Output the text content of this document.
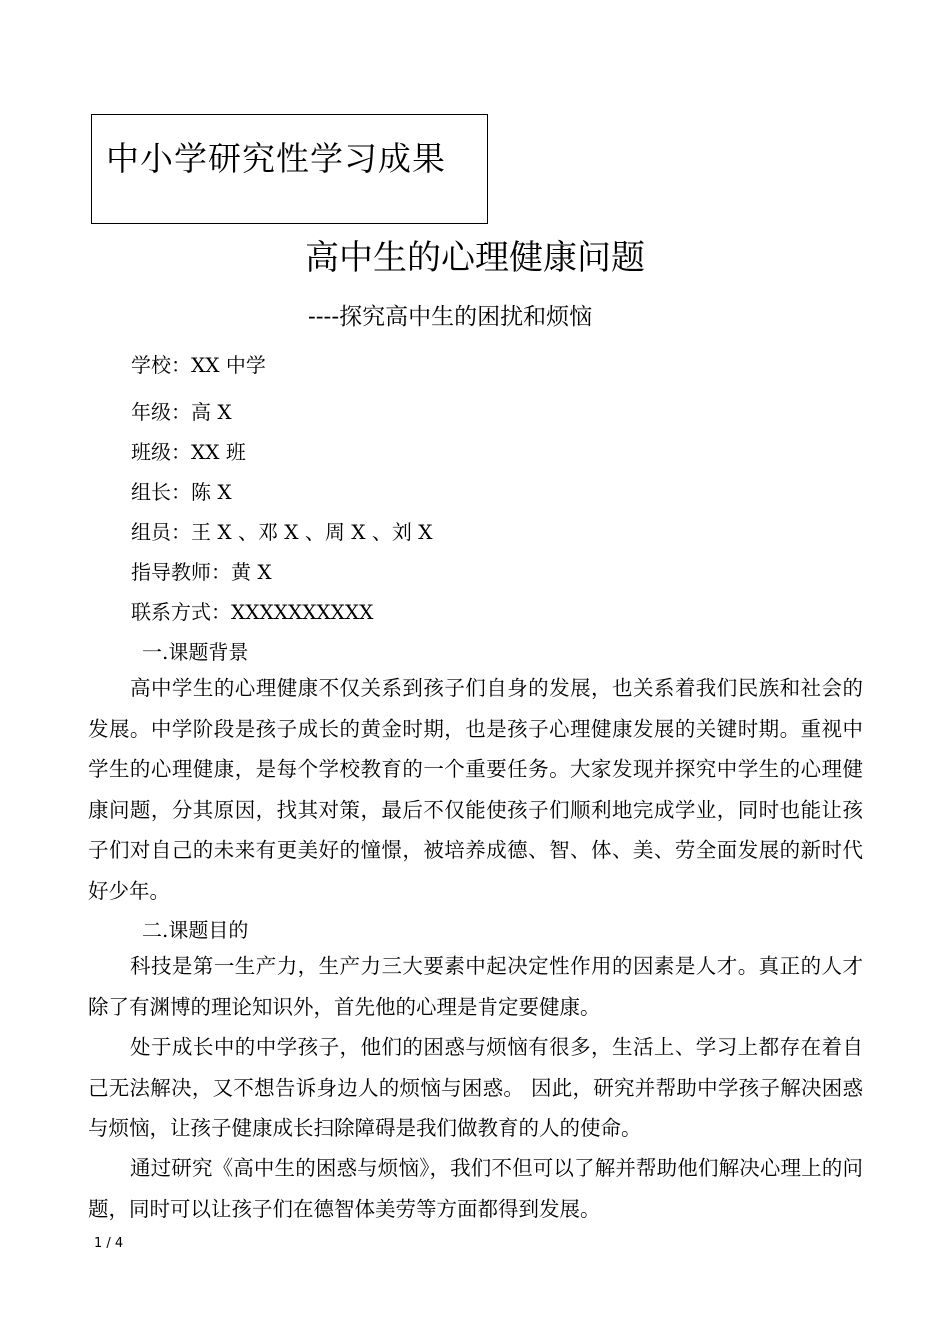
中小学研究性学习成果
高中生的心理健康问题
----探究高中生的困扰和烦恼
学校：XX 中学
年级：高 X
班级：XX 班
组长：陈 X
组员：王 X 、邓 X 、周 X 、刘 X
指导教师：黄 X
联系方式：XXXXXXXXXX
一.课题背景

高中学生的心理健康不仅关系到孩子们自身的发展，也关系着我们民族和社会的发展。中学阶段是孩子成长的黄金时期，也是孩子心理健康发展的关键时期。重视中学生的心理健康，是每个学校教育的一个重要任务。大家发现并探究中学生的心理健康问题，分其原因，找其对策，最后不仅能使孩子们顺利地完成学业，同时也能让孩子们对自己的未来有更美好的憧憬，被培养成德、智、体、美、劳全面发展的新时代好少年。

二.课题目的

科技是第一生产力，生产力三大要素中起决定性作用的因素是人才。真正的人才除了有渊博的理论知识外，首先他的心理是肯定要健康。

处于成长中的中学孩子，他们的困惑与烦恼有很多，生活上、学习上都存在着自己无法解决，又不想告诉身边人的烦恼与困惑。 因此，研究并帮助中学孩子解决困惑与烦恼，让孩子健康成长扫除障碍是我们做教育的人的使命。

通过研究《高中生的困惑与烦恼》，我们不但可以了解并帮助他们解决心理上的问题，同时可以让孩子们在德智体美劳等方面都得到发展。

1 / 4
